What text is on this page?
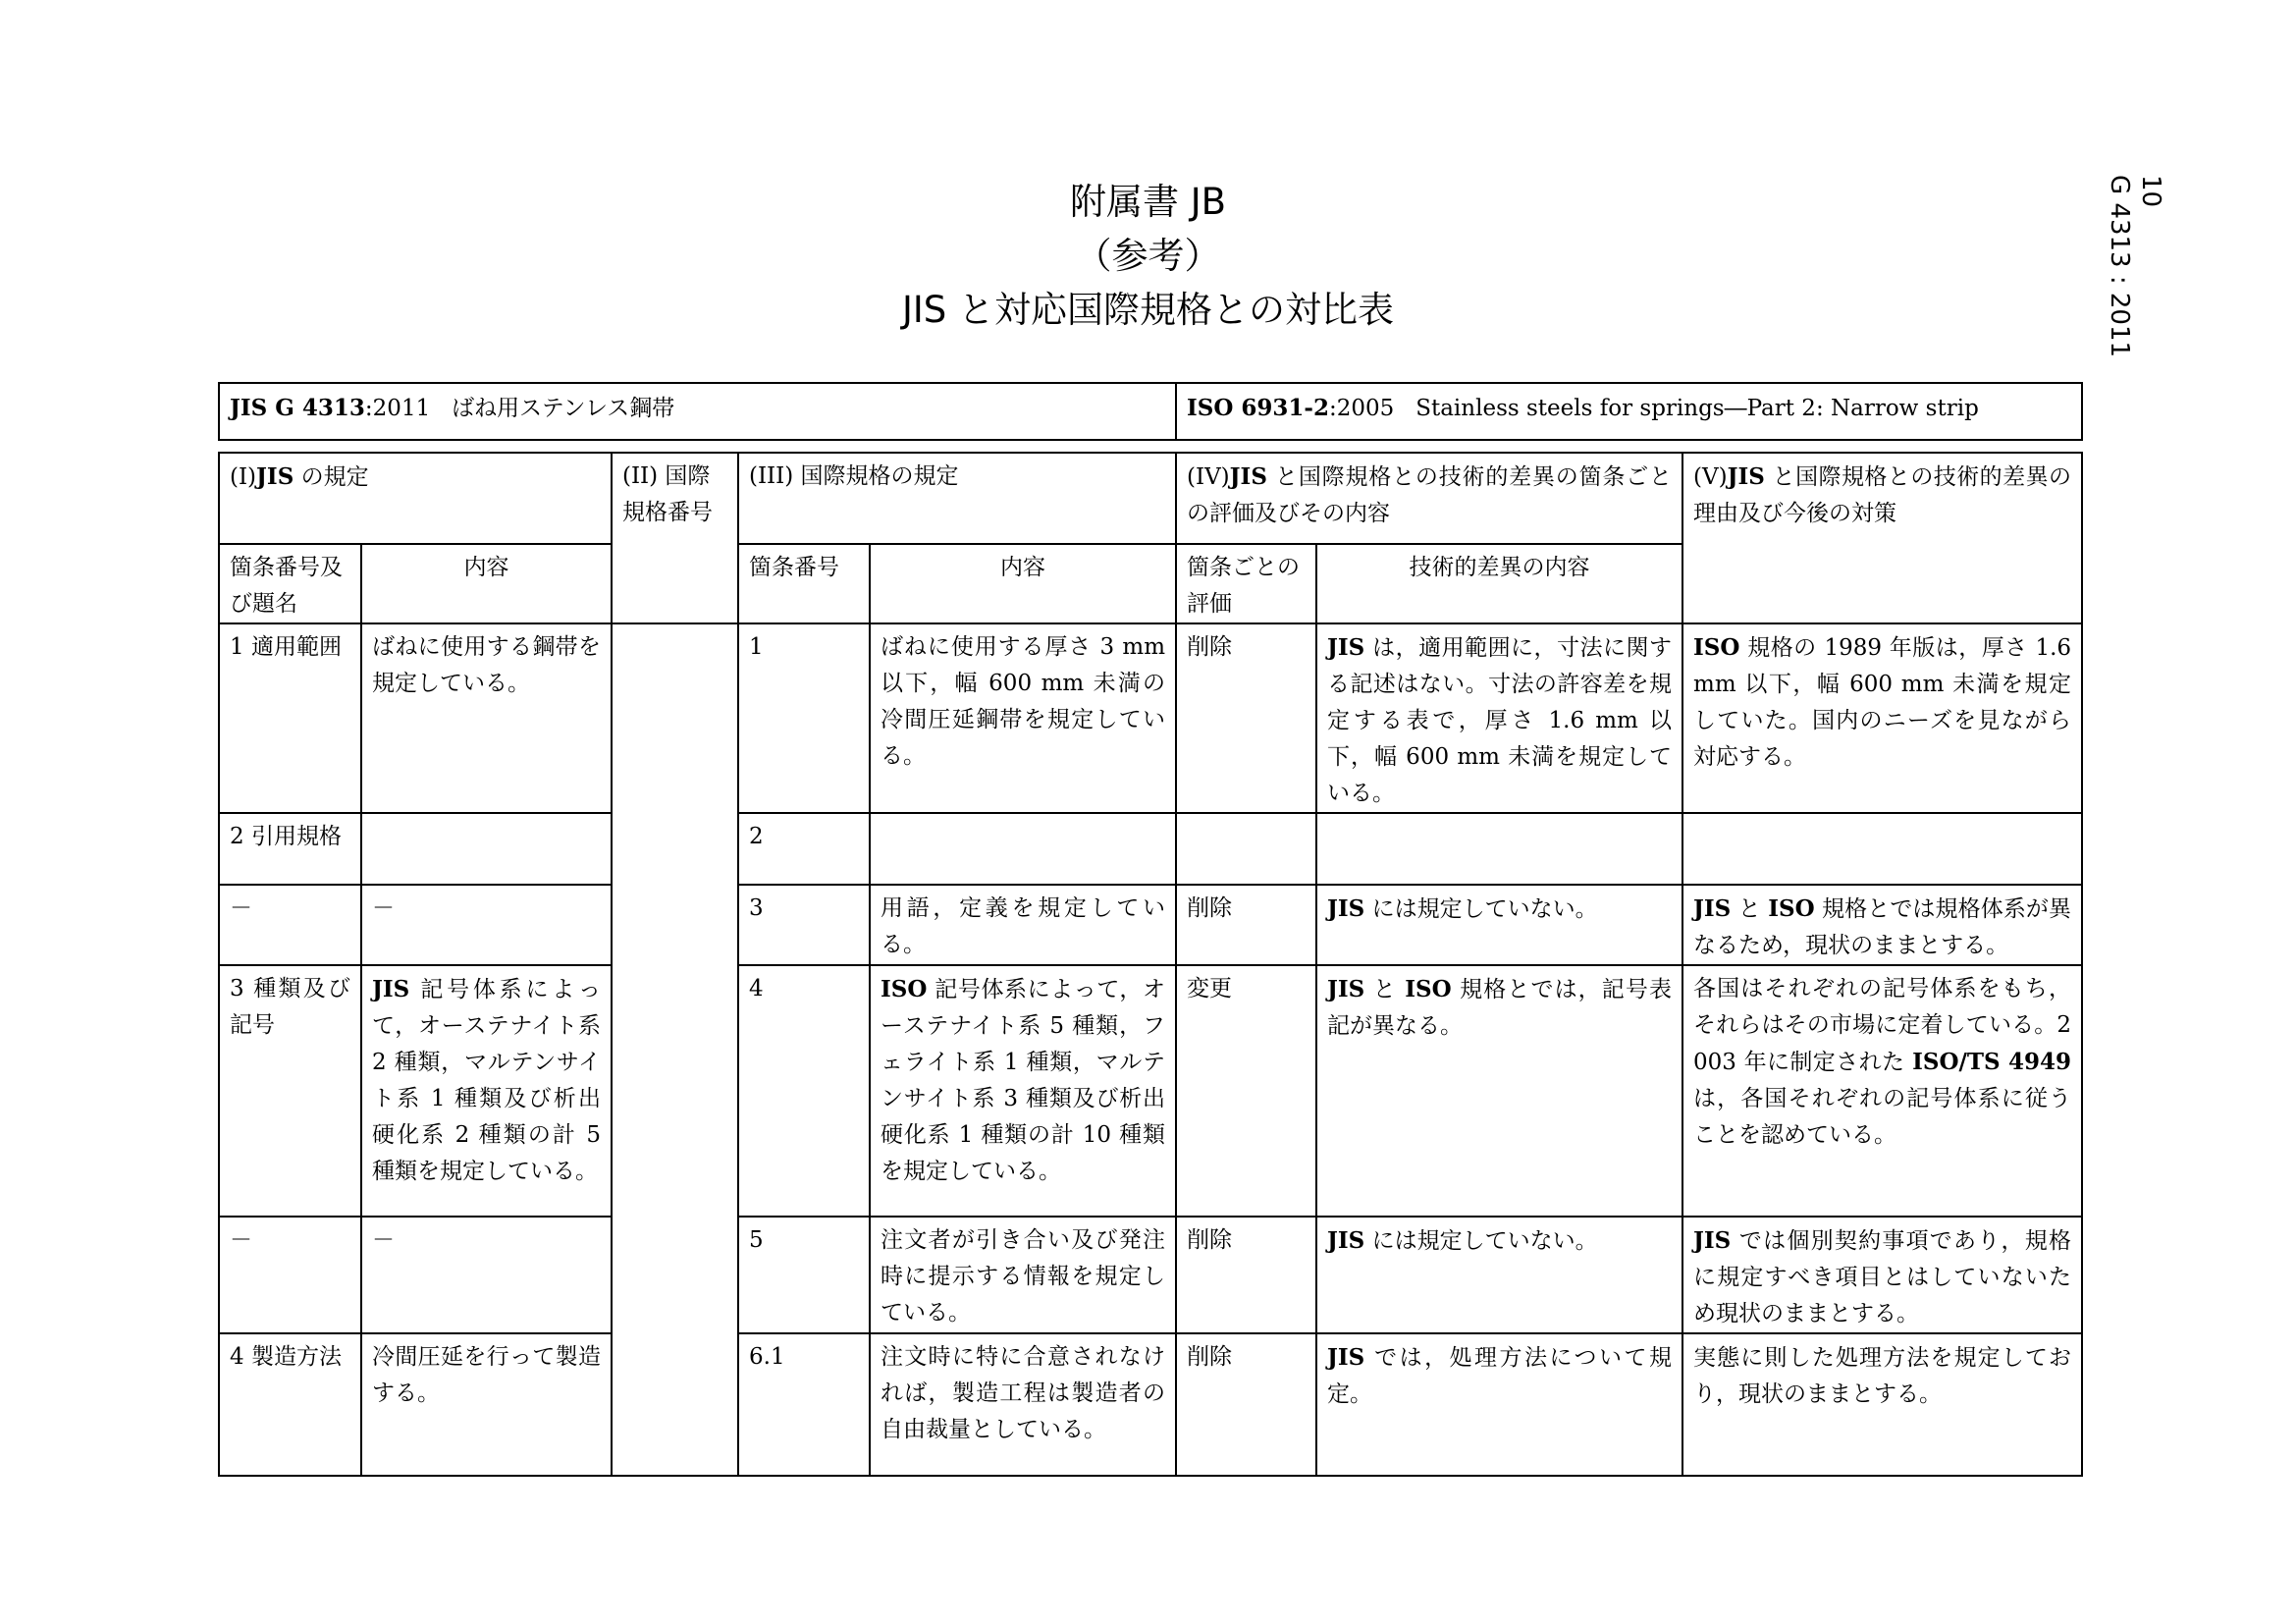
附属書 JB
（参考）
JIS と対応国際規格との対比表
10
G 4313 : 2011
JIS G 4313:2011 ばね用ステンレス鋼帯	ISO 6931-2:2005 Stainless steels for springs―Part 2: Narrow strip
(I)JIS の規定		(II) 国際規格番号	(III) 国際規格の規定		(IV)JIS と国際規格との技術的差異の箇条ごとの評価及びその内容		(V)JIS と国際規格との技術的差異の理由及び今後の対策
箇条番号及び題名	内容		箇条番号	内容	箇条ごとの評価	技術的差異の内容	
1 適用範囲	ばねに使用する鋼帯を規定している。		1	ばねに使用する厚さ 3 mm 以下，幅 600 mm 未満の冷間圧延鋼帯を規定している。	削除	JIS は，適用範囲に，寸法に関する記述はない。寸法の許容差を規定する表で，厚さ 1.6 mm 以下，幅 600 mm 未満を規定している。	ISO 規格の 1989 年版は，厚さ 1.6 mm 以下，幅 600 mm 未満を規定していた。国内のニーズを見ながら対応する。
2 引用規格			2				
－	－		3	用語，定義を規定している。	削除	JIS には規定していない。	JIS と ISO 規格とでは規格体系が異なるため，現状のままとする。
3 種類及び記号	JIS 記号体系によって，オーステナイト系 2 種類，マルテンサイト系 1 種類及び析出硬化系 2 種類の計 5 種類を規定している。		4	ISO 記号体系によって，オーステナイト系 5 種類，フェライト系 1 種類，マルテンサイト系 3 種類及び析出硬化系 1 種類の計 10 種類を規定している。	変更	JIS と ISO 規格とでは，記号表記が異なる。	各国はそれぞれの記号体系をもち，それらはその市場に定着している。2003 年に制定された ISO/TS 4949 は，各国それぞれの記号体系に従うことを認めている。
－	－		5	注文者が引き合い及び発注時に提示する情報を規定している。	削除	JIS には規定していない。	JIS では個別契約事項であり，規格に規定すべき項目とはしていないため現状のままとする。
4 製造方法	冷間圧延を行って製造する。		6.1	注文時に特に合意されなければ，製造工程は製造者の自由裁量としている。	削除	JIS では，処理方法について規定。	実態に則した処理方法を規定しており，現状のままとする。
